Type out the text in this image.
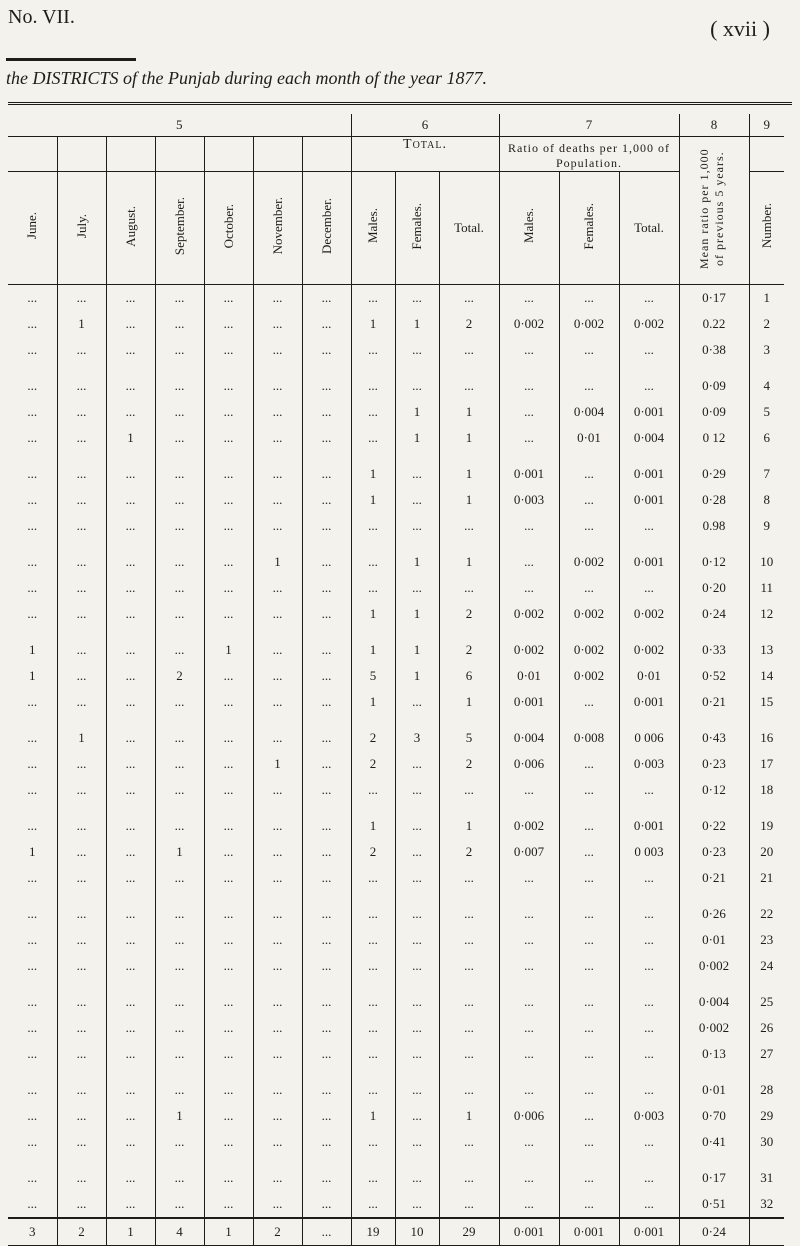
No. VII.	( xvii )
the DISTRICTS of the Punjab during each month of the year 1877.
5							6			7			8	9
							Total.			Ratio of deaths per 1,000 of Population.			Mean ratio per 1,000 of previous 5 years.	
June.	July.	August.	September.	October.	November.	December.	Males.	Females.	Total.	Males.	Females.	Total.		Number.
...	...	...	...	...	...	...	...	...	...	...	...	...	0·17	1
...	1	...	...	...	...	...	1	1	2	0·002	0·002	0·002	0.22	2
...	...	...	...	...	...	...	...	...	...	...	...	...	0·38	3

...	...	...	...	...	...	...	...	...	...	...	...	...	0·09	4
...	...	...	...	...	...	...	...	1	1	...	0·004	0·001	0·09	5
...	...	1	...	...	...	...	...	1	1	...	0·01	0·004	0 12	6

...	...	...	...	...	...	...	1	...	1	0·001	...	0·001	0·29	7
...	...	...	...	...	...	...	1	...	1	0·003	...	0·001	0·28	8
...	...	...	...	...	...	...	...	...	...	...	...	...	0.98	9

...	...	...	...	...	1	...	...	1	1	...	0·002	0·001	0·12	10
...	...	...	...	...	...	...	...	...	...	...	...	...	0·20	11
...	...	...	...	...	...	...	1	1	2	0·002	0·002	0·002	0·24	12

1	...	...	...	1	...	...	1	1	2	0·002	0·002	0·002	0·33	13
1	...	...	2	...	...	...	5	1	6	0·01	0·002	0·01	0·52	14
...	...	...	...	...	...	...	1	...	1	0·001	...	0·001	0·21	15

...	1	...	...	...	...	...	2	3	5	0·004	0·008	0 006	0·43	16
...	...	...	...	...	1	...	2	...	2	0·006	...	0·003	0·23	17
...	...	...	...	...	...	...	...	...	...	...	...	...	0·12	18

...	...	...	...	...	...	...	1	...	1	0·002	...	0·001	0·22	19
1	...	...	1	...	...	...	2	...	2	0·007	...	0 003	0·23	20
...	...	...	...	...	...	...	...	...	...	...	...	...	0·21	21

...	...	...	...	...	...	...	...	...	...	...	...	...	0·26	22
...	...	...	...	...	...	...	...	...	...	...	...	...	0·01	23
...	...	...	...	...	...	...	...	...	...	...	...	...	0·002	24

...	...	...	...	...	...	...	...	...	...	...	...	...	0·004	25
...	...	...	...	...	...	...	...	...	...	...	...	...	0·002	26
...	...	...	...	...	...	...	...	...	...	...	...	...	0·13	27

...	...	...	...	...	...	...	...	...	...	...	...	...	0·01	28
...	...	...	1	...	...	...	1	...	1	0·006	...	0·003	0·70	29
...	...	...	...	...	...	...	...	...	...	...	...	...	0·41	30

...	...	...	...	...	...	...	...	...	...	...	...	...	0·17	31
...	...	...	...	...	...	...	...	...	...	...	...	...	0·51	32
3	2	1	4	1	2	...	19	10	29	0·001	0·001	0·001	0·24	
